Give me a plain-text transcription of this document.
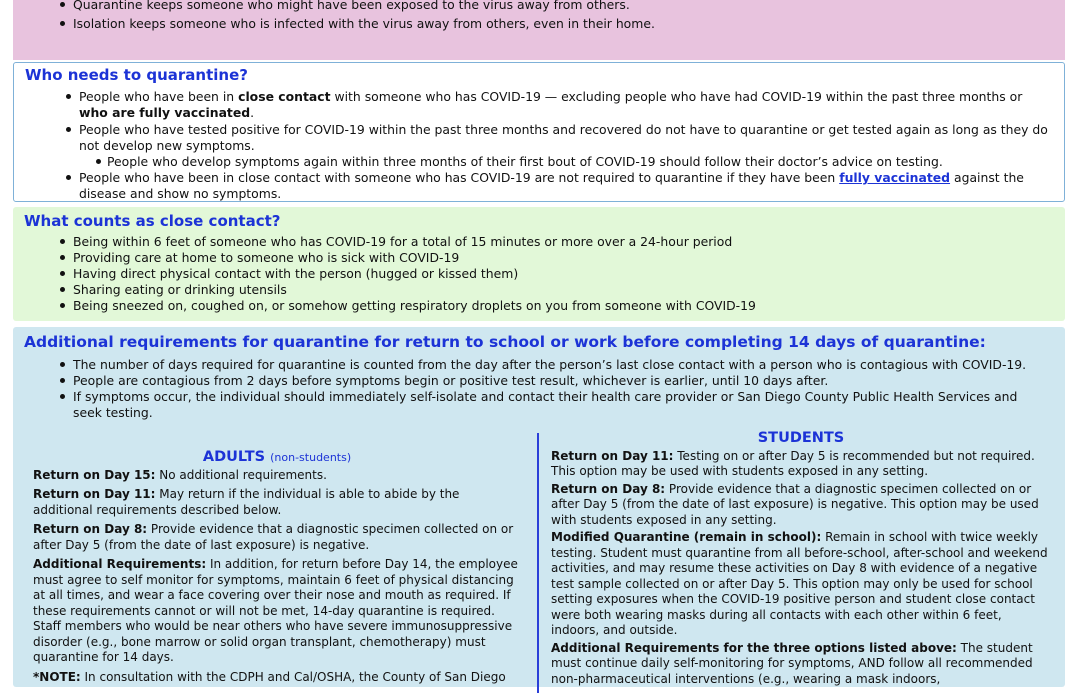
Quarantine keeps someone who might have been exposed to the virus away from others.
Isolation keeps someone who is infected with the virus away from others, even in their home.
Who needs to quarantine?
People who have been in close contact with someone who has COVID-19 — excluding people who have had COVID-19 within the past three months or who are fully vaccinated.
People who have tested positive for COVID-19 within the past three months and recovered do not have to quarantine or get tested again as long as they do not develop new symptoms.
People who develop symptoms again within three months of their first bout of COVID-19 should follow their doctor’s advice on testing.
People who have been in close contact with someone who has COVID-19 are not required to quarantine if they have been fully vaccinated against the disease and show no symptoms.
What counts as close contact?
Being within 6 feet of someone who has COVID-19 for a total of 15 minutes or more over a 24-hour period
Providing care at home to someone who is sick with COVID-19
Having direct physical contact with the person (hugged or kissed them)
Sharing eating or drinking utensils
Being sneezed on, coughed on, or somehow getting respiratory droplets on you from someone with COVID-19
Additional requirements for quarantine for return to school or work before completing 14 days of quarantine:
The number of days required for quarantine is counted from the day after the person’s last close contact with a person who is contagious with COVID-19.
People are contagious from 2 days before symptoms begin or positive test result, whichever is earlier, until 10 days after.
If symptoms occur, the individual should immediately self-isolate and contact their health care provider or San Diego County Public Health Services and seek testing.

ADULTS (non-students)

Return on Day 15: No additional requirements.

Return on Day 11: May return if the individual is able to abide by the additional requirements described below.

Return on Day 8: Provide evidence that a diagnostic specimen collected on or after Day 5 (from the date of last exposure) is negative.

Additional Requirements: In addition, for return before Day 14, the employee must agree to self monitor for symptoms, maintain 6 feet of physical distancing at all times, and wear a face covering over their nose and mouth as required. If these requirements cannot or will not be met, 14-day quarantine is required. Staff members who would be near others who have severe immunosuppressive disorder (e.g., bone marrow or solid organ transplant, chemotherapy) must quarantine for 14 days.

*NOTE: In consultation with the CDPH and Cal/OSHA, the County of San Diego

STUDENTS

Return on Day 11: Testing on or after Day 5 is recommended but not required. This option may be used with students exposed in any setting.

Return on Day 8: Provide evidence that a diagnostic specimen collected on or after Day 5 (from the date of last exposure) is negative. This option may be used with students exposed in any setting.

Modified Quarantine (remain in school): Remain in school with twice weekly testing. Student must quarantine from all before-school, after-school and weekend activities, and may resume these activities on Day 8 with evidence of a negative test sample collected on or after Day 5. This option may only be used for school setting exposures when the COVID-19 positive person and student close contact were both wearing masks during all contacts with each other within 6 feet, indoors, and outside.

Additional Requirements for the three options listed above: The student must continue daily self-monitoring for symptoms, AND follow all recommended non-pharmaceutical interventions (e.g., wearing a mask indoors,
